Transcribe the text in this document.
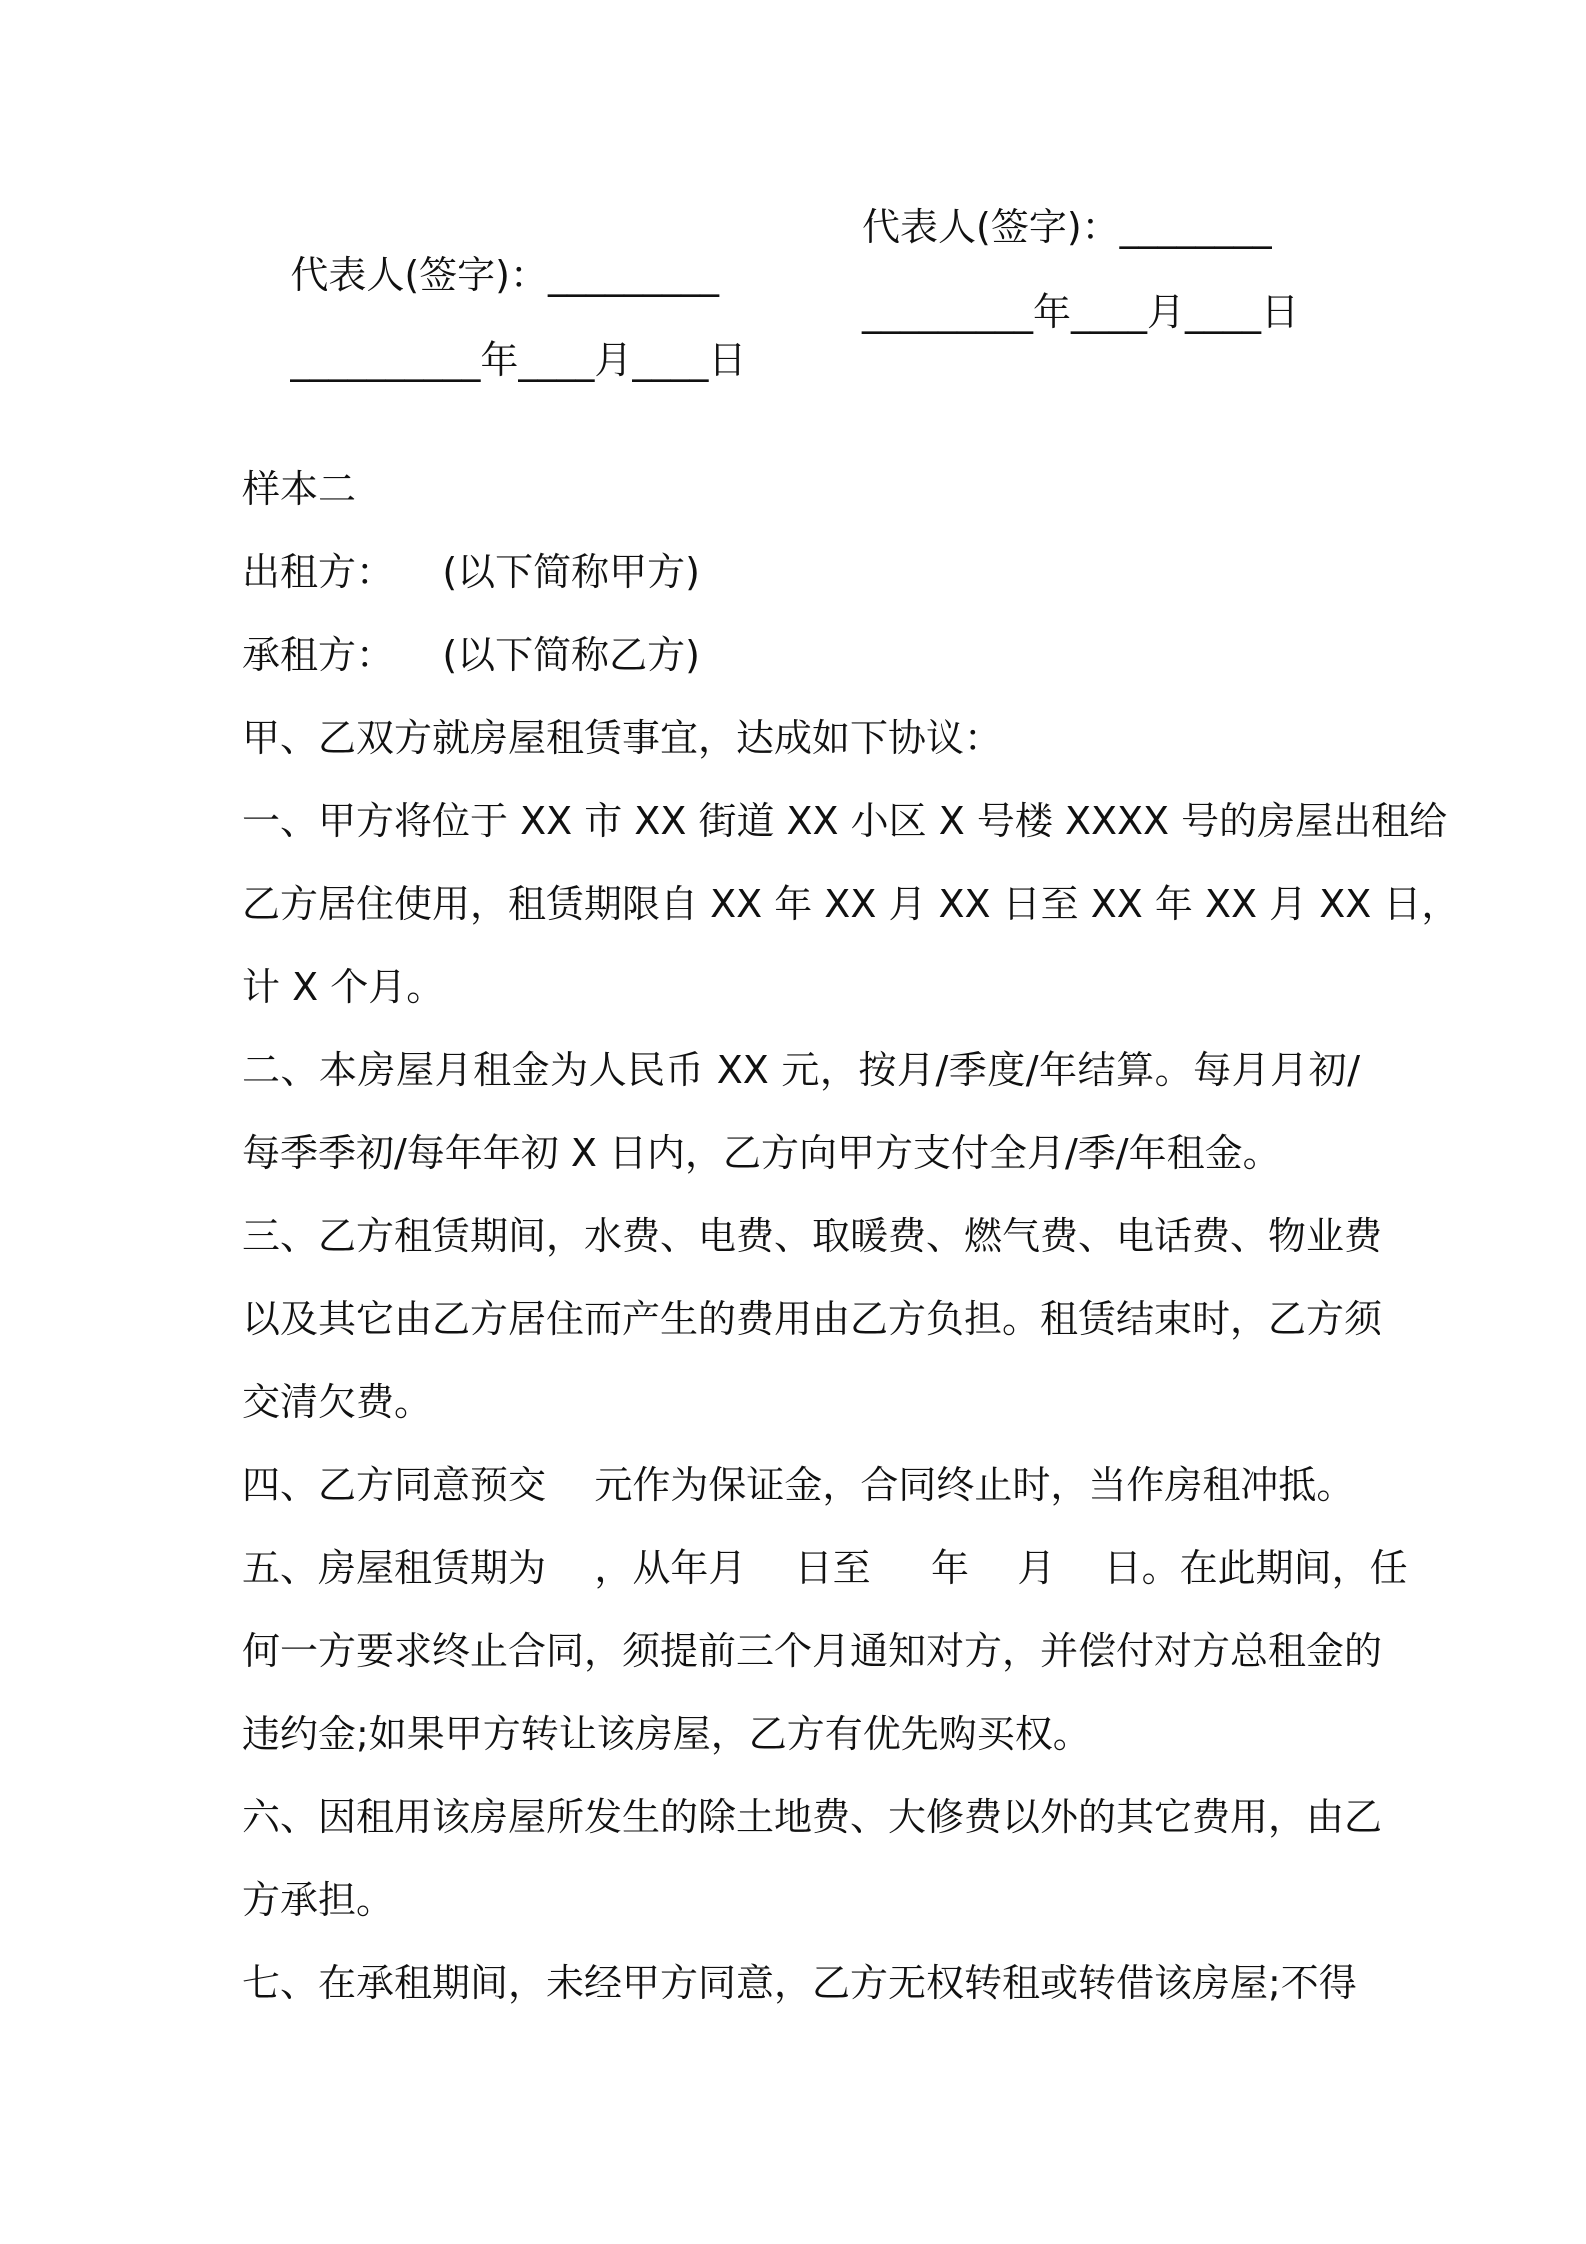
代表人(签字)：_________

代表人(签字)：________

__________年____月____日

_________年____月____日

样本二
出租方：    (以下简称甲方)
承租方：    (以下简称乙方)
甲、乙双方就房屋租赁事宜，达成如下协议：
一、甲方将位于 XX 市 XX 街道 XX 小区 X 号楼 XXXX 号的房屋出租给
乙方居住使用，租赁期限自 XX 年 XX 月 XX 日至 XX 年 XX 月 XX 日，
计 X 个月。
二、本房屋月租金为人民币 XX 元，按月/季度/年结算。每月月初/
每季季初/每年年初 X 日内，乙方向甲方支付全月/季/年租金。
三、乙方租赁期间，水费、电费、取暖费、燃气费、电话费、物业费
以及其它由乙方居住而产生的费用由乙方负担。租赁结束时，乙方须
交清欠费。
四、乙方同意预交    元作为保证金，合同终止时，当作房租冲抵。
五、房屋租赁期为    ，从年月    日至     年    月    日。在此期间，任
何一方要求终止合同，须提前三个月通知对方，并偿付对方总租金的
违约金;如果甲方转让该房屋，乙方有优先购买权。
六、因租用该房屋所发生的除土地费、大修费以外的其它费用，由乙
方承担。
七、在承租期间，未经甲方同意，乙方无权转租或转借该房屋;不得
